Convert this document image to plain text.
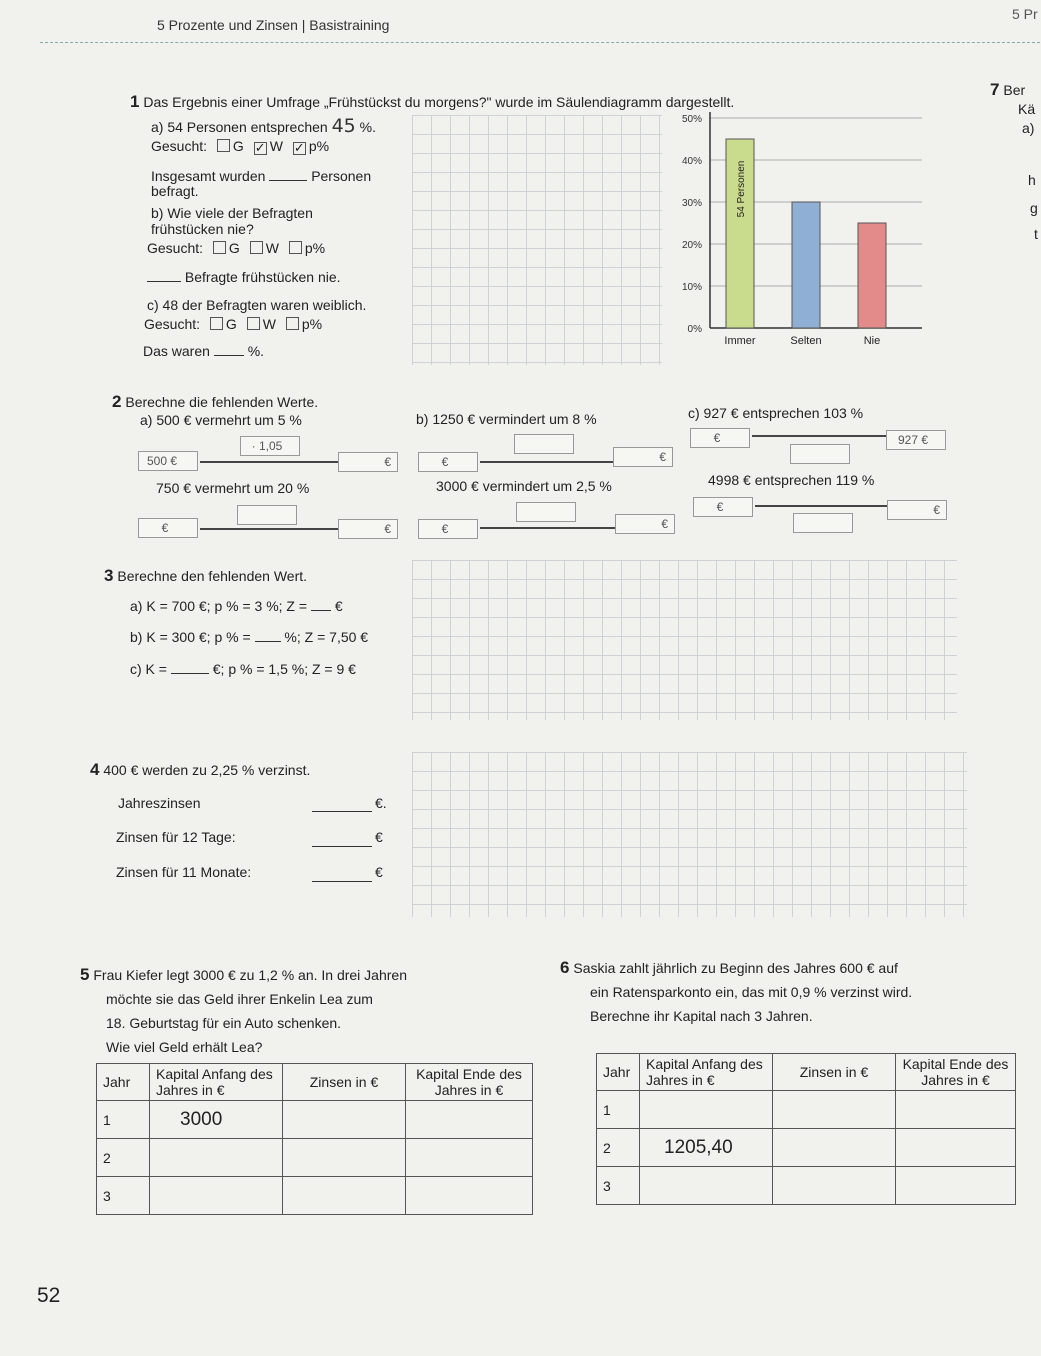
5 Prozente und Zinsen | Basistraining
5 Pr
1 Das Ergebnis einer Umfrage „Frühstückst du morgens?" wurde im Säulendiagramm dargestellt.
a) 54 Personen entsprechen 45 %.
Gesucht: G ✓ W ✓ p%
Insgesamt wurden	Personen
befragt.
b) Wie viele der Befragten
frühstücken nie?
Gesucht: G W p%
Befragte frühstücken nie.
c) 48 der Befragten waren weiblich.
Gesucht: G W p%
Das waren	%.
0%
10%
20%
30%
40%
50%
Immer	Selten	Nie
54 Personen
2 Berechne die fehlenden Werte.
a) 500 € vermehrt um 5 %	b) 1250 € vermindert um 8 %	c) 927 € entsprechen 103 %
· 1,05
500 €	€	€	€
€	927 €
750 € vermehrt um 20 %	3000 € vermindert um 2,5 %	4998 € entsprechen 119 %
€	€	€	€
€	€
3 Berechne den fehlenden Wert.
a) K = 700 €; p % = 3 %; Z =  €
b) K = 300 €; p % =  %; Z = 7,50 €
c) K =	€; p % = 1,5 %; Z = 9 €
4 400 € werden zu 2,25 % verzinst.
Jahreszinsen	€.
Zinsen für 12 Tage:	€
Zinsen für 11 Monate:	€
5 Frau Kiefer legt 3000 € zu 1,2 % an. In drei Jahren
möchte sie das Geld ihrer Enkelin Lea zum
18. Geburtstag für ein Auto schenken.
Wie viel Geld erhält Lea?
Jahr	Kapital Anfang des Jahres in €	Zinsen in €	Kapital Ende des Jahres in €
1	3000		
2			
3			
6 Saskia zahlt jährlich zu Beginn des Jahres 600 € auf
ein Ratensparkonto ein, das mit 0,9 % verzinst wird.
Berechne ihr Kapital nach 3 Jahren.
Jahr	Kapital Anfang des Jahres in €	Zinsen in €	Kapital Ende des Jahres in €
1			
2	1205,40		
3			
7 Ber
Kä
a)
h
g
t
52
